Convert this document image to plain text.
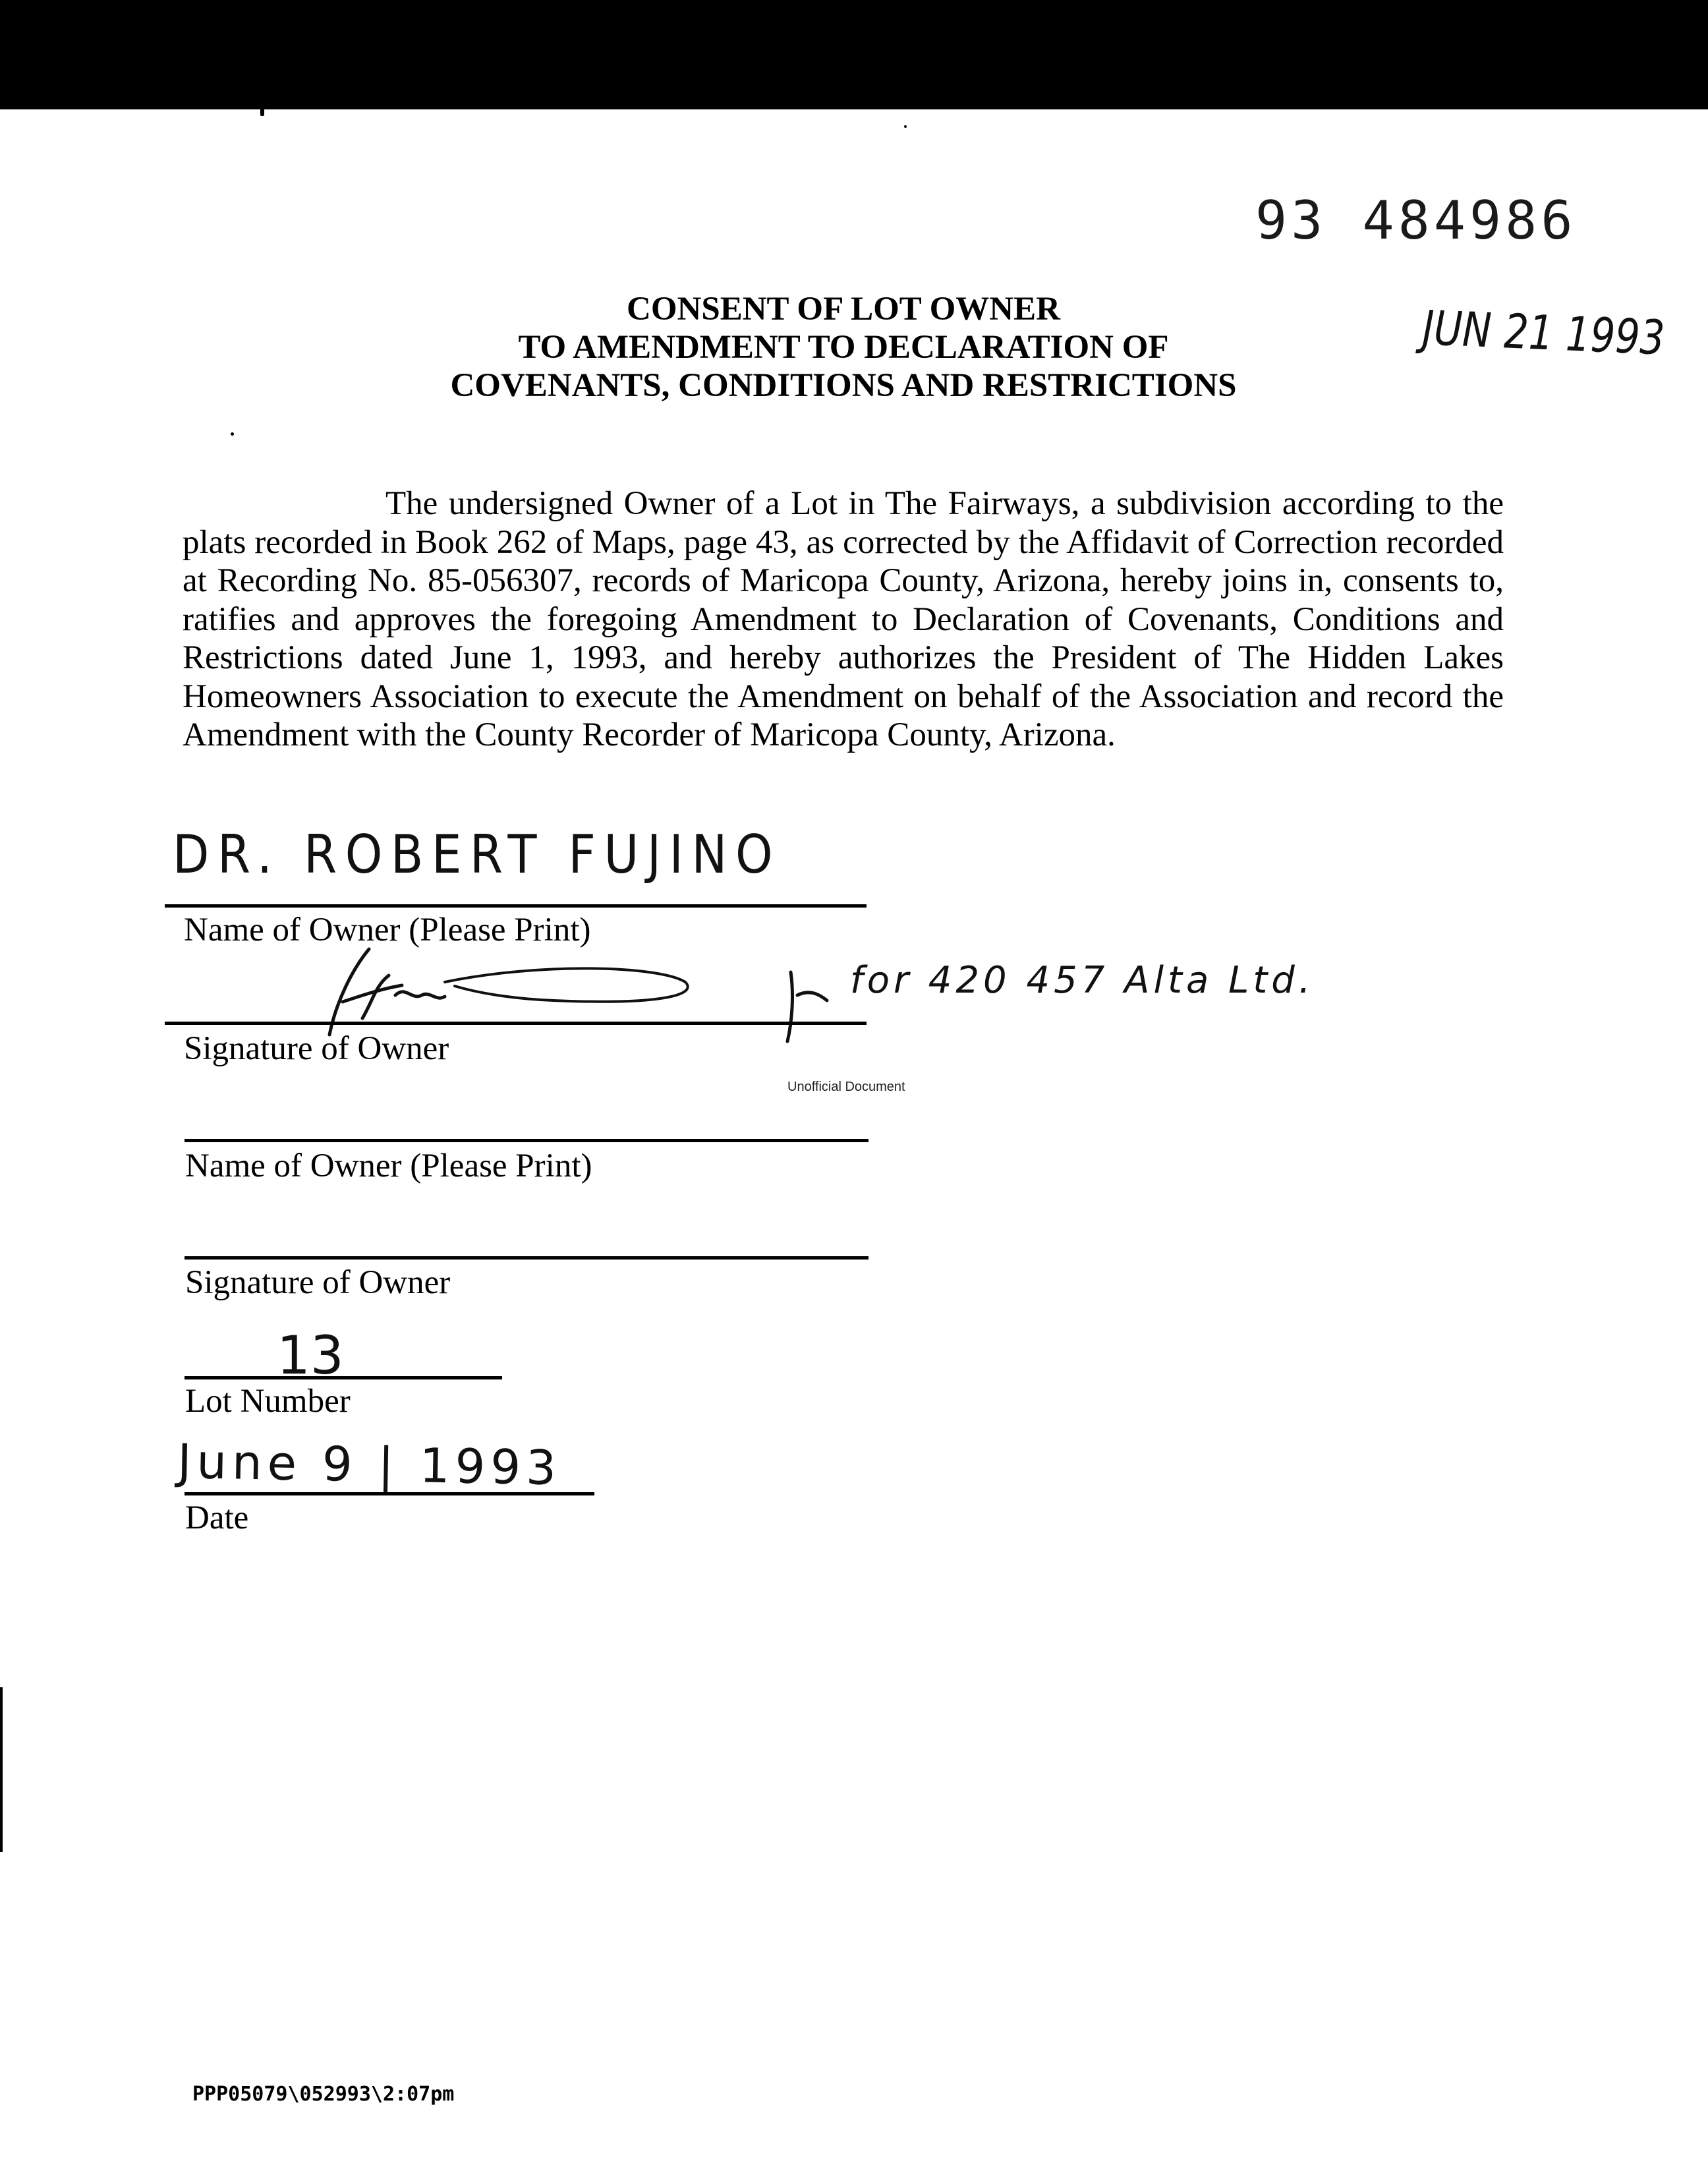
93 484986
JUN 21 1993
CONSENT OF LOT OWNER
TO AMENDMENT TO DECLARATION OF
COVENANTS, CONDITIONS AND RESTRICTIONS

The undersigned Owner of a Lot in The Fairways, a subdivision according to the plats recorded in Book 262 of Maps, page 43, as corrected by the Affidavit of Correction recorded at Recording No. 85-056307, records of Maricopa County, Arizona, hereby joins in, consents to, ratifies and approves the foregoing Amendment to Declaration of Covenants, Conditions and Restrictions dated June 1, 1993, and hereby authorizes the President of The Hidden Lakes Homeowners Association to execute the Amendment on behalf of the Association and record the Amendment with the County Recorder of Maricopa County, Arizona.

DR. ROBERT FUJINO
Name of Owner (Please Print)
for 420 457 Alta Ltd.
Signature of Owner
Unofficial Document
Name of Owner (Please Print)
Signature of Owner
13
Lot Number
June 9 | 1993
Date
PPP05079\052993\2:07pm
